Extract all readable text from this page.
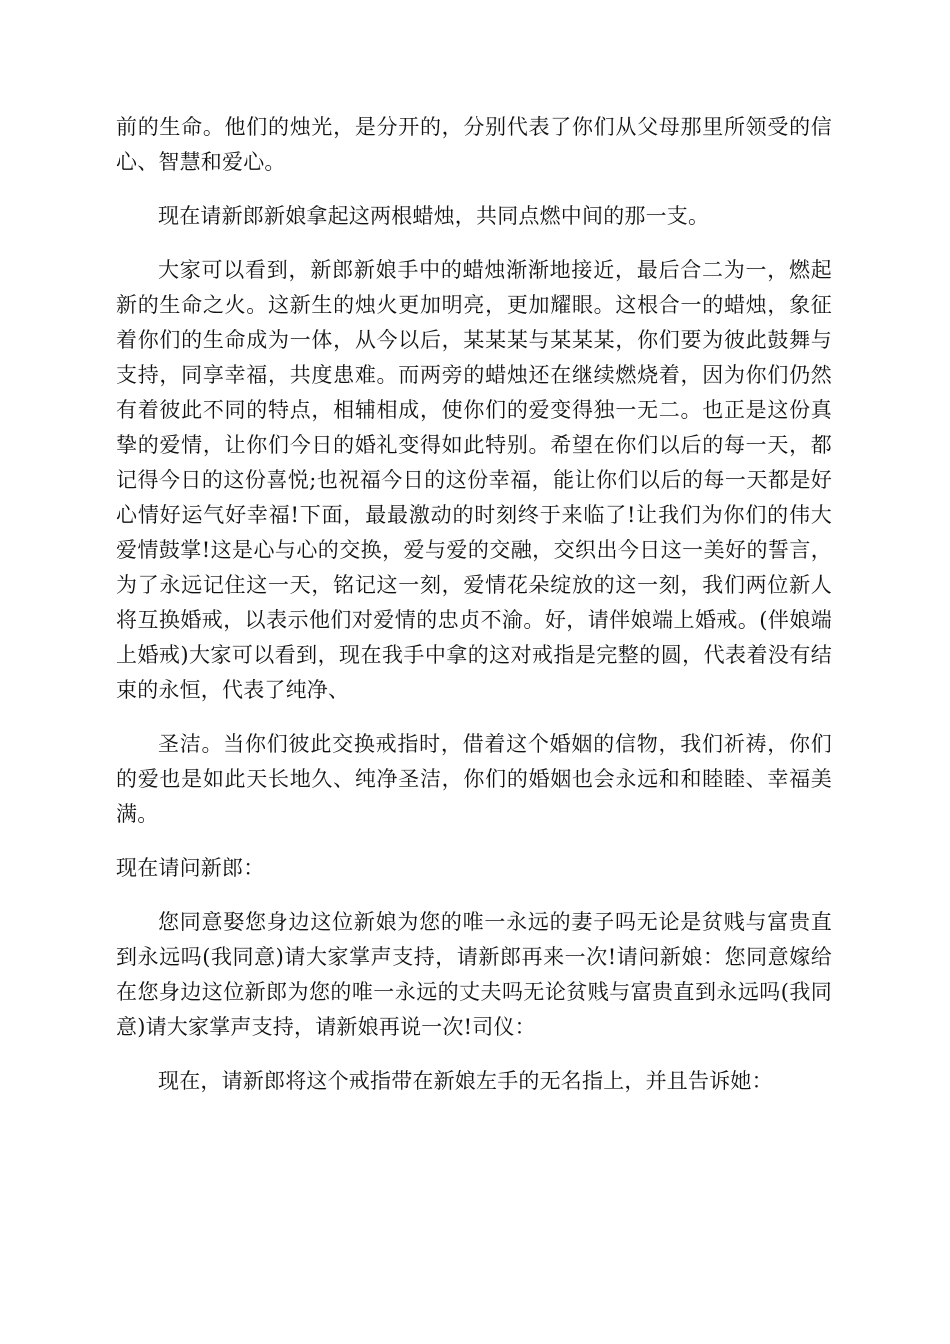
前的生命。他们的烛光，是分开的，分别代表了你们从父母那里所领受的信心、智慧和爱心。

现在请新郎新娘拿起这两根蜡烛，共同点燃中间的那一支。

大家可以看到，新郎新娘手中的蜡烛渐渐地接近，最后合二为一，燃起新的生命之火。这新生的烛火更加明亮，更加耀眼。这根合一的蜡烛，象征着你们的生命成为一体，从今以后，某某某与某某某，你们要为彼此鼓舞与支持，同享幸福，共度患难。而两旁的蜡烛还在继续燃烧着，因为你们仍然有着彼此不同的特点，相辅相成，使你们的爱变得独一无二。也正是这份真挚的爱情，让你们今日的婚礼变得如此特别。希望在你们以后的每一天，都记得今日的这份喜悦;也祝福今日的这份幸福，能让你们以后的每一天都是好心情好运气好幸福!下面，最最激动的时刻终于来临了!让我们为你们的伟大爱情鼓掌!这是心与心的交换，爱与爱的交融，交织出今日这一美好的誓言，为了永远记住这一天，铭记这一刻，爱情花朵绽放的这一刻，我们两位新人将互换婚戒，以表示他们对爱情的忠贞不渝。好，请伴娘端上婚戒。(伴娘端上婚戒)大家可以看到，现在我手中拿的这对戒指是完整的圆，代表着没有结束的永恒，代表了纯净、

圣洁。当你们彼此交换戒指时，借着这个婚姻的信物，我们祈祷，你们的爱也是如此天长地久、纯净圣洁，你们的婚姻也会永远和和睦睦、幸福美满。

现在请问新郎：

您同意娶您身边这位新娘为您的唯一永远的妻子吗无论是贫贱与富贵直到永远吗(我同意)请大家掌声支持，请新郎再来一次!请问新娘：您同意嫁给在您身边这位新郎为您的唯一永远的丈夫吗无论贫贱与富贵直到永远吗(我同意)请大家掌声支持，请新娘再说一次!司仪：

现在，请新郎将这个戒指带在新娘左手的无名指上，并且告诉她：
